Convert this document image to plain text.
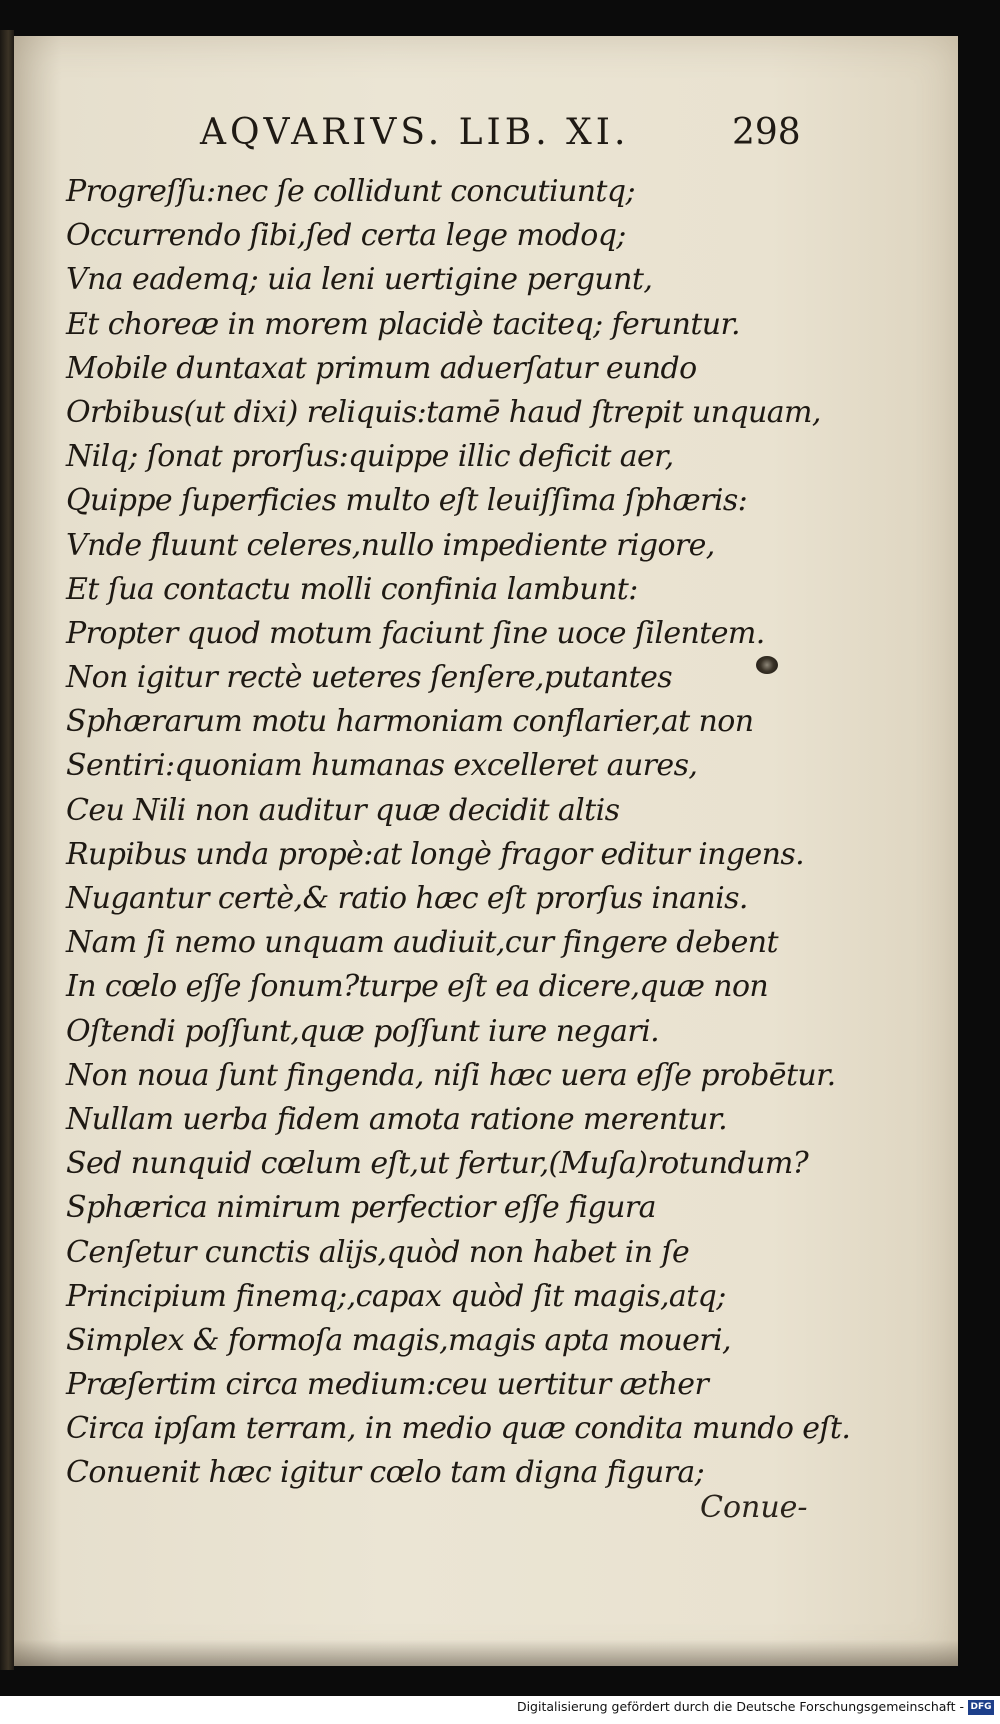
AQVARIVS. LIB. XI.	298
Progreſſu:nec ſe collidunt concutiuntq;
Occurrendo ſibi,ſed certa lege modoq;
Vna eademq; uia leni uertigine pergunt,
Et choreæ in morem placidè taciteq; feruntur.
Mobile duntaxat primum aduerſatur eundo
Orbibus(ut dixi) reliquis:tamē haud ſtrepit unquam,
Nilq; ſonat prorſus:quippe illic deficit aer,
Quippe ſuperficies multo eſt leuiſſima ſphæris:
Vnde fluunt celeres,nullo impediente rigore,
Et ſua contactu molli confinia lambunt:
Propter quod motum faciunt ſine uoce ſilentem.
Non igitur rectè ueteres ſenſere,putantes
Sphærarum motu harmoniam conflarier,at non
Sentiri:quoniam humanas excelleret aures,
Ceu Nili non auditur quæ decidit altis
Rupibus unda propè:at longè fragor editur ingens.
Nugantur certè,& ratio hæc eſt prorſus inanis.
Nam ſi nemo unquam audiuit,cur fingere debent
In cœlo eſſe ſonum?turpe eſt ea dicere,quæ non
Oſtendi poſſunt,quæ poſſunt iure negari.
Non noua ſunt fingenda, niſi hæc uera eſſe probētur.
Nullam uerba fidem amota ratione merentur.
Sed nunquid cœlum eſt,ut fertur,(Muſa)rotundum?
Sphærica nimirum perfectior eſſe figura
Cenſetur cunctis alijs,quòd non habet in ſe
Principium finemq;,capax quòd ſit magis,atq;
Simplex & formoſa magis,magis apta moueri,
Præſertim circa medium:ceu uertitur æther
Circa ipſam terram, in medio quæ condita mundo eſt.
Conuenit hæc igitur cœlo tam digna figura;
Conue-
Digitalisierung gefördert durch die Deutsche Forschungsgemeinschaft - DFG
